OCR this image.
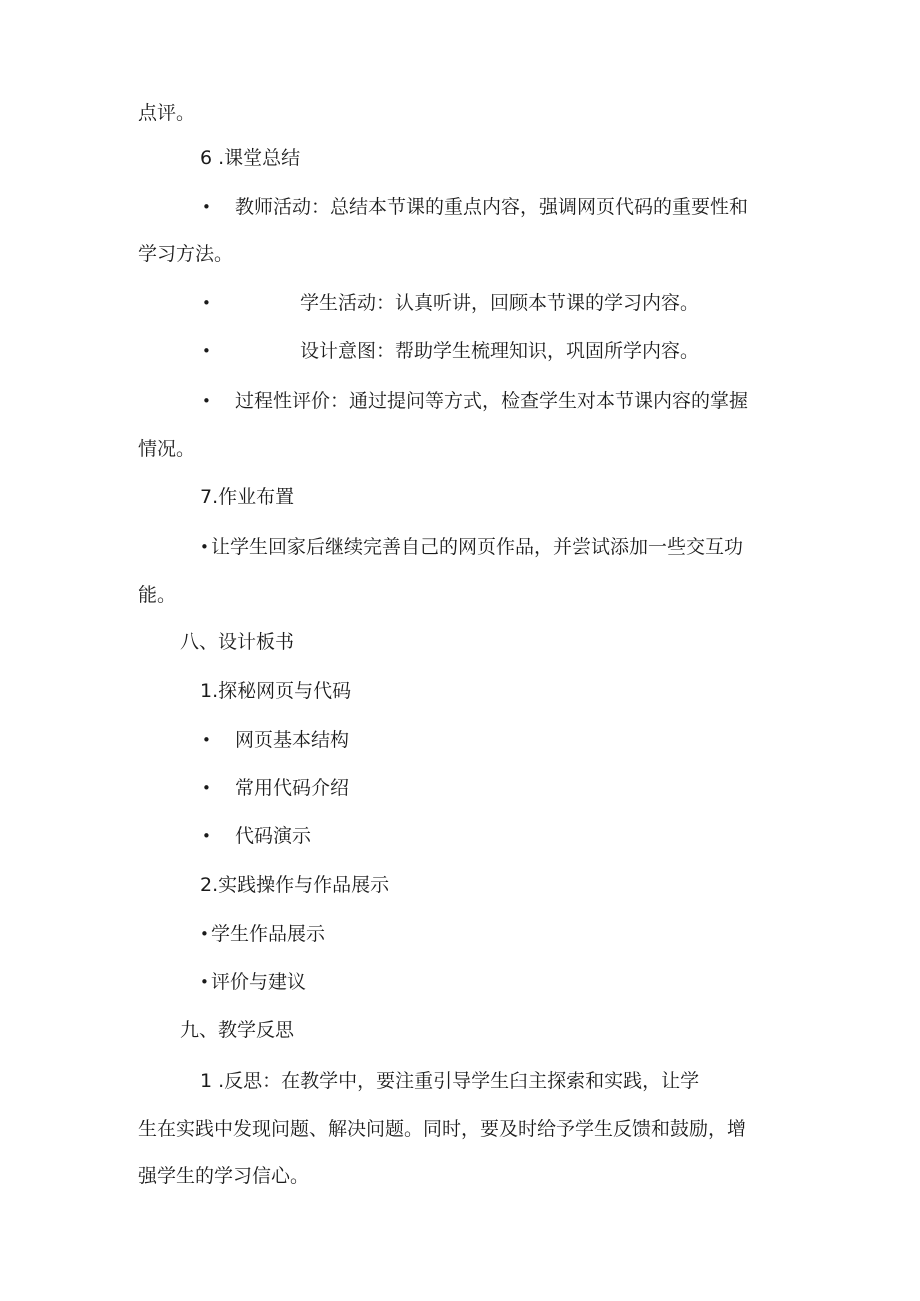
点评。
6 .课堂总结
• 教师活动：总结本节课的重点内容，强调网页代码的重要性和
学习方法。
•	学生活动：认真听讲，回顾本节课的学习内容。
•	设计意图：帮助学生梳理知识，巩固所学内容。
• 过程性评价：通过提问等方式，检查学生对本节课内容的掌握
情况。
7.作业布置
• 让学生回家后继续完善自己的网页作品，并尝试添加一些交互功
能。
八、设计板书
1.探秘网页与代码
• 网页基本结构
• 常用代码介绍
• 代码演示
2.实践操作与作品展示
• 学生作品展示
• 评价与建议
九、教学反思
1 .反思：在教学中，要注重引导学生臼主探索和实践，让学
生在实践中发现问题、解决问题。同时，要及时给予学生反馈和鼓励，增
强学生的学习信心。
